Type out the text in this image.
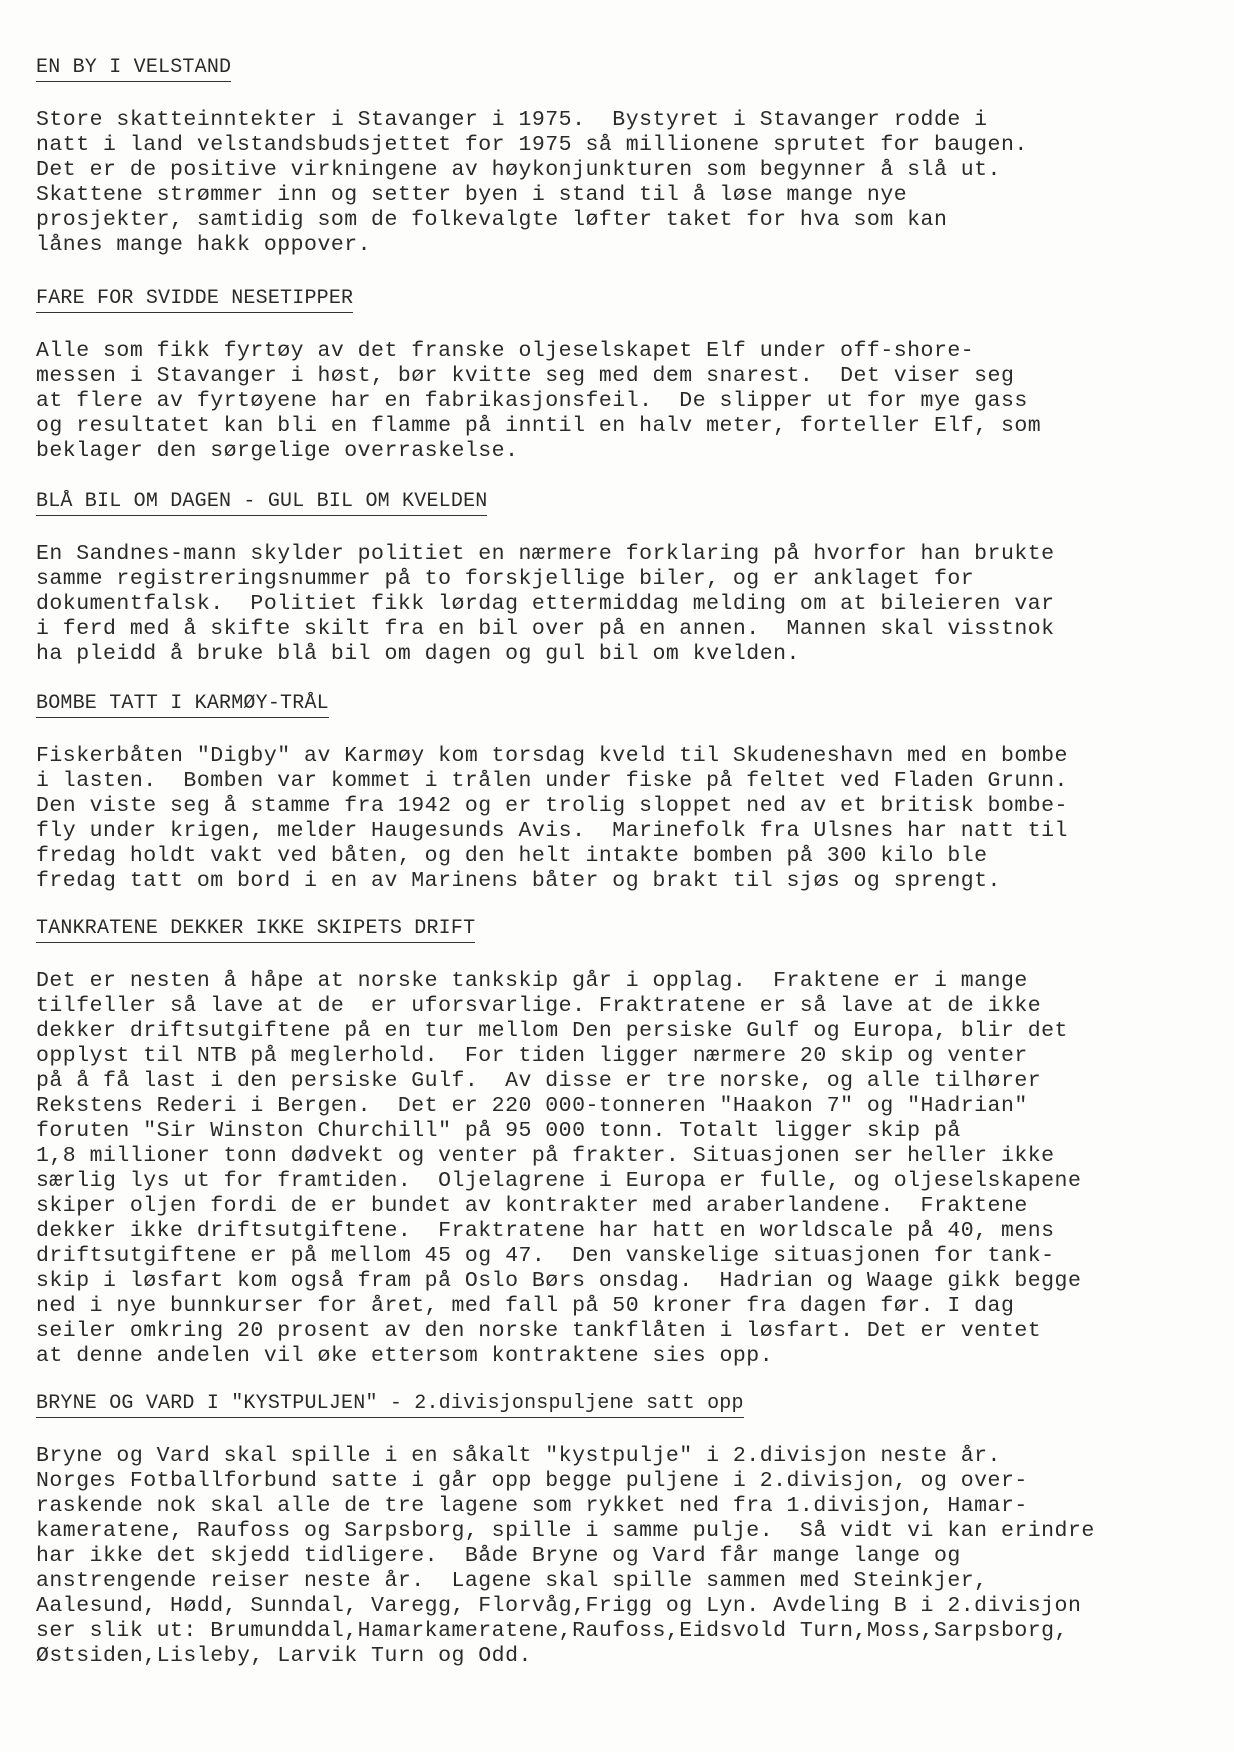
EN BY I VELSTAND
Store skatteinntekter i Stavanger i 1975.  Bystyret i Stavanger rodde i
natt i land velstandsbudsjettet for 1975 så millionene sprutet for baugen.
Det er de positive virkningene av høykonjunkturen som begynner å slå ut.
Skattene strømmer inn og setter byen i stand til å løse mange nye
prosjekter, samtidig som de folkevalgte løfter taket for hva som kan
lånes mange hakk oppover.
FARE FOR SVIDDE NESETIPPER
Alle som fikk fyrtøy av det franske oljeselskapet Elf under off-shore-
messen i Stavanger i høst, bør kvitte seg med dem snarest.  Det viser seg
at flere av fyrtøyene har en fabrikasjonsfeil.  De slipper ut for mye gass
og resultatet kan bli en flamme på inntil en halv meter, forteller Elf, som
beklager den sørgelige overraskelse.
BLÅ BIL OM DAGEN - GUL BIL OM KVELDEN
En Sandnes-mann skylder politiet en nærmere forklaring på hvorfor han brukte
samme registreringsnummer på to forskjellige biler, og er anklaget for
dokumentfalsk.  Politiet fikk lørdag ettermiddag melding om at bileieren var
i ferd med å skifte skilt fra en bil over på en annen.  Mannen skal visstnok
ha pleidd å bruke blå bil om dagen og gul bil om kvelden.
BOMBE TATT I KARMØY-TRÅL
Fiskerbåten "Digby" av Karmøy kom torsdag kveld til Skudeneshavn med en bombe
i lasten.  Bomben var kommet i trålen under fiske på feltet ved Fladen Grunn.
Den viste seg å stamme fra 1942 og er trolig sloppet ned av et britisk bombe-
fly under krigen, melder Haugesunds Avis.  Marinefolk fra Ulsnes har natt til
fredag holdt vakt ved båten, og den helt intakte bomben på 300 kilo ble
fredag tatt om bord i en av Marinens båter og brakt til sjøs og sprengt.
TANKRATENE DEKKER IKKE SKIPETS DRIFT
Det er nesten å håpe at norske tankskip går i opplag.  Fraktene er i mange
tilfeller så lave at de  er uforsvarlige. Fraktratene er så lave at de ikke
dekker driftsutgiftene på en tur mellom Den persiske Gulf og Europa, blir det
opplyst til NTB på meglerhold.  For tiden ligger nærmere 20 skip og venter
på å få last i den persiske Gulf.  Av disse er tre norske, og alle tilhører
Rekstens Rederi i Bergen.  Det er 220 000-tonneren "Haakon 7" og "Hadrian"
foruten "Sir Winston Churchill" på 95 000 tonn. Totalt ligger skip på
1,8 millioner tonn dødvekt og venter på frakter. Situasjonen ser heller ikke
særlig lys ut for framtiden.  Oljelagrene i Europa er fulle, og oljeselskapene
skiper oljen fordi de er bundet av kontrakter med araberlandene.  Fraktene
dekker ikke driftsutgiftene.  Fraktratene har hatt en worldscale på 40, mens
driftsutgiftene er på mellom 45 og 47.  Den vanskelige situasjonen for tank-
skip i løsfart kom også fram på Oslo Børs onsdag.  Hadrian og Waage gikk begge
ned i nye bunnkurser for året, med fall på 50 kroner fra dagen før. I dag
seiler omkring 20 prosent av den norske tankflåten i løsfart. Det er ventet
at denne andelen vil øke ettersom kontraktene sies opp.
BRYNE OG VARD I "KYSTPULJEN" - 2.divisjonspuljene satt opp
Bryne og Vard skal spille i en såkalt "kystpulje" i 2.divisjon neste år.
Norges Fotballforbund satte i går opp begge puljene i 2.divisjon, og over-
raskende nok skal alle de tre lagene som rykket ned fra 1.divisjon, Hamar-
kameratene, Raufoss og Sarpsborg, spille i samme pulje.  Så vidt vi kan erindre
har ikke det skjedd tidligere.  Både Bryne og Vard får mange lange og
anstrengende reiser neste år.  Lagene skal spille sammen med Steinkjer,
Aalesund, Hødd, Sunndal, Varegg, Florvåg,Frigg og Lyn. Avdeling B i 2.divisjon
ser slik ut: Brumunddal,Hamarkameratene,Raufoss,Eidsvold Turn,Moss,Sarpsborg,
Østsiden,Lisleby, Larvik Turn og Odd.
